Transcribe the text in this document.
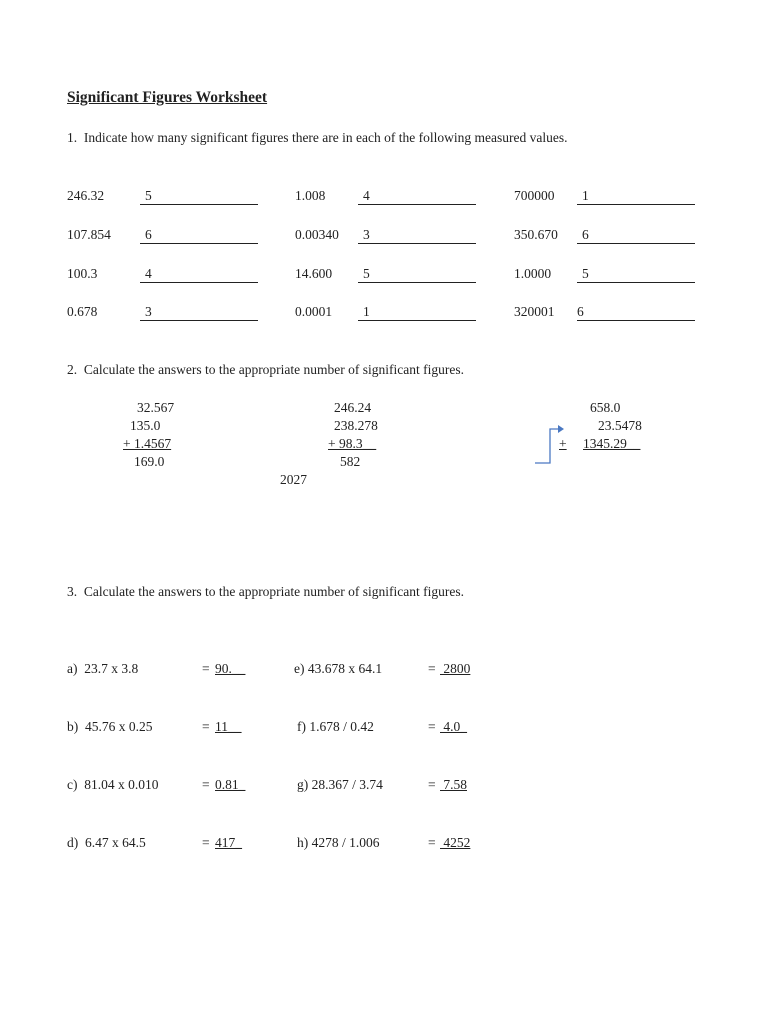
Significant Figures Worksheet
1.  Indicate how many significant figures there are in each of the following measured values.
246.32	5	1.008	4	700000	1
107.854	6	0.00340	3	350.670	6
100.3	4	14.600	5	1.0000	5
0.678	3	0.0001	1	320001 6
2.  Calculate the answers to the appropriate number of significant figures.
32.567
135.0
+ 1.4567
169.0
246.24
238.278
+ 98.3__
582
2027
658.0
23.5478
+ 1345.29__
3.  Calculate the answers to the appropriate number of significant figures.
a)  23.7 x 3.8	= 90.__
b)  45.76 x 0.25	= 11__
c)  81.04 x 0.010	= 0.81_
d)  6.47 x 64.5	= 417_
e) 43.678 x 64.1	= 2800
f) 1.678 / 0.42	= 4.0_
g) 28.367 / 3.74	= 7.58
h) 4278 / 1.006	= 4252
